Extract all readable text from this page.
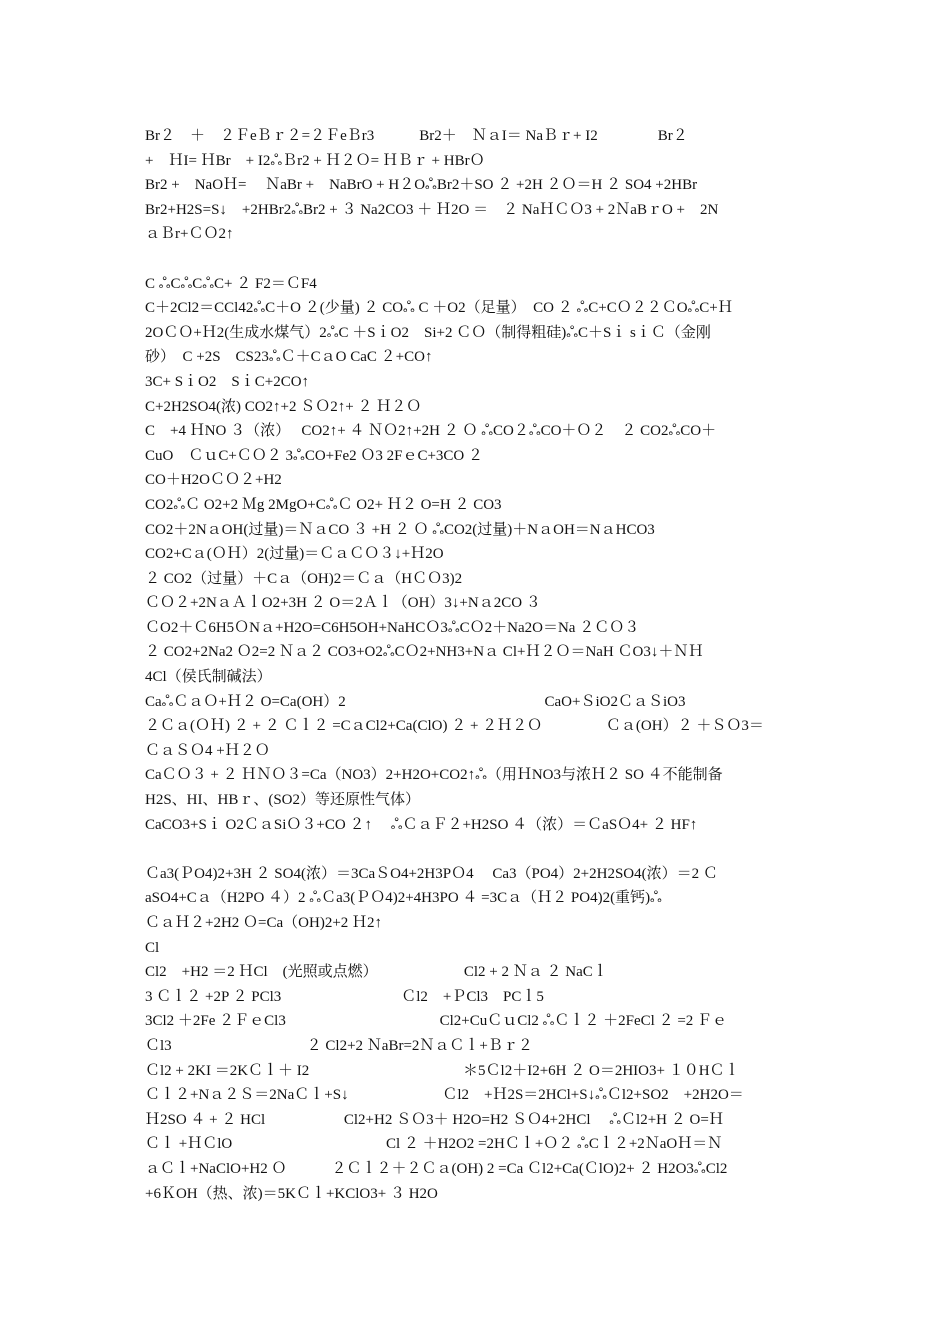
Br２　＋　２ＦeＢｒ２=２ＦeＢr3　　　Br2＋　ＮａI＝ NaＢｒ+ I2　　　　Br２
+　ＨI= ＨBr　+ I2ஃＢr2 + Ｈ２Ｏ= ＨＢｒ + HBrＯ
Br2 +　NaOＨ=　 ＮaBr +　NaBrO + H２OஃBr2＋SO ２ +2H ２Ｏ＝H ２ SO4 +2HBr
Br2+H2S=S↓　+2HBr2ஃBr2 + ３ Na2CO3 ＋ Ｈ2O ＝　２ NaＨＣＯ3 + 2ＮaBｒO +　2N
ａＢr+ＣＯ2↑
C ஃCஃCஃC+ ２ F2＝ＣF4
C＋2Cl2＝CCl42ஃC＋O ２(少量) ２ COஃ C ＋O2（足量）　CO ２ ஃC+CＯ２２ＣOஃC+Ｈ
2OＣＯ+Ｈ2(生成水煤气）2ஃC ＋SｉO2　Si+2 ＣＯ（制得粗硅)ஃC＋Sｉ sｉＣ（金刚
砂）　C +2S　CS23ஃＣ＋CａO CaC ２+CO↑
3C+ SｉO2　SｉC+2CO↑
C+2H2SO4(浓) CO2↑+2 ＳＯ2↑+ ２ Ｈ２Ｏ
C　+4 ＨNO ３（浓）　 CO2↑+ ４ ＮＯ2↑+2H ２ Ｏ ஃCO２ஃCO＋Ｏ２　２ CO2ஃCO＋
CuO　ＣｕC+ＣＯ２ 3ஃCO+Fe2 Ｏ3 2FｅC+3CO ２
CO＋H2OＣＯ２+H2
CO2ஃＣ O2+2 Ｍg 2MgO+CஃＣ O2+ Ｈ２ O=H ２ CO3
CO2＋2NａOH(过量)＝ＮａCO ３ +H ２ Ｏ ஃCO2(过量)＋NａOH＝NａHCO3
CO2+Cａ(ＯＨ）2(过量)＝ＣａＣＯ３↓+Ｈ2O
２ CO2（过量）＋Cａ（OH)2＝Ｃａ（HＣＯ3)2
ＣＯ２+2NａＡｌO2+3H ２ O＝2Ａｌ（OH）3↓+Nａ2CO ３
ＣO2＋Ｃ6H5ＯNａ+H2O=C6H5OH+NaHCＯ3ஃCＯ2＋Na2O＝Na ２ＣＯ３
２ CO2+2Na2 Ｏ2=2 Ｎａ２ CO3+O2ஃCＯ2+NH3+Nａ Cl+Ｈ２Ｏ＝NaH ＣO3↓＋ＮＨ
4Cl（侯氏制碱法）
CaஃＣａＯ+Ｈ２ O=Ca(OH）2　　　　　　　　　　　　　 CaO+ＳiO2ＣａＳiO3
２Ｃａ(ＯＨ) ２ + ２ Ｃｌ２ =CａCl2+Ca(ClO) ２ + ２Ｈ２Ｏ　　　　 Ｃａ(OH）２ ＋ＳＯ3＝
ＣａＳＯ4 +Ｈ２Ｏ
CaＣＯ３ + ２ ＨＮＯ３=Ca（NO3）2+H2O+CO2↑ஃ（用ＨNO3与浓Ｈ２ SO ４不能制备
H2S、HI、HBｒ、(SO2）等还原性气体）
CaCO3+Sｉ O2ＣａSiＯ３+CO ２↑　 ஃＣａＦ２+H2SO ４（浓）＝ＣaSＯ4+ ２ HF↑
Ｃa3(ＰO4)2+3H ２ SO4(浓）＝3CaＳO4+2H3PＯ4　 Ca3（PO4）2+2H2SO4(浓）＝2 Ｃ
aSO4+Cａ（H2PO ４）2 ஃＣa3(ＰＯ4)2+4H3PO ４ =3Cａ（Ｈ２ PO4)2(重钙)ஃ
ＣａＨ２+2H2 Ｏ=Ca（OH)2+2 Ｈ2↑
Cl
Cl2　+H2 ＝2 ＨCl　(光照或点燃）　　　　　　 Cl2 + 2 Ｎａ ２ NaCｌ
3 Ｃｌ２ +2P ２ PCl3　　　　　　　　Ｃl2　+ＰCl3　PCｌ5
3Cl2 ＋2Fe ２ＦｅCl3　　　　　　　　　　 Cl2+CuＣｕCl2 ஃＣｌ２ ＋2FeCl ２ =2 Ｆｅ
Ｃl3　　　　　　　　　２ Cl2+2 ＮaBr=2ＮａＣｌ+Ｂｒ２
Ｃl2 + 2KI ＝2KＣｌ＋ I2　　　　　　　　　　 ＊5Ｃl2＋I2+6H ２ O＝2HIO3+ １０HＣｌ
Ｃｌ２+Nａ２Ｓ＝2NaＣｌ+S↓　　　　　　 Ｃl2　+Ｈ2S＝2HCl+S↓ஃＣl2+SO2　+2H2O＝
Ｈ2SO ４ + ２ HCl　　　　　 Cl2+H2 ＳＯ3＋ H2O=H2 ＳＯ4+2HCl　 ஃＣl2+H ２ O=Ｈ
Ｃｌ +ＨＣlO　　　　　　　　　　 Cl ２ ＋H2O2 =2HＣｌ+Ｏ２ ஃCｌ２+2ＮaOＨ＝Ｎ
ａＣｌ+NaClO+H2 Ｏ　　　２Ｃｌ２＋２Ｃａ(OH) 2 =Ca Ｃl2+Ca(ＣlO)2+ ２ H2O3ஃCl2
+6ＫOH（热、浓)＝5KＣｌ+KClO3+ ３ H2O
